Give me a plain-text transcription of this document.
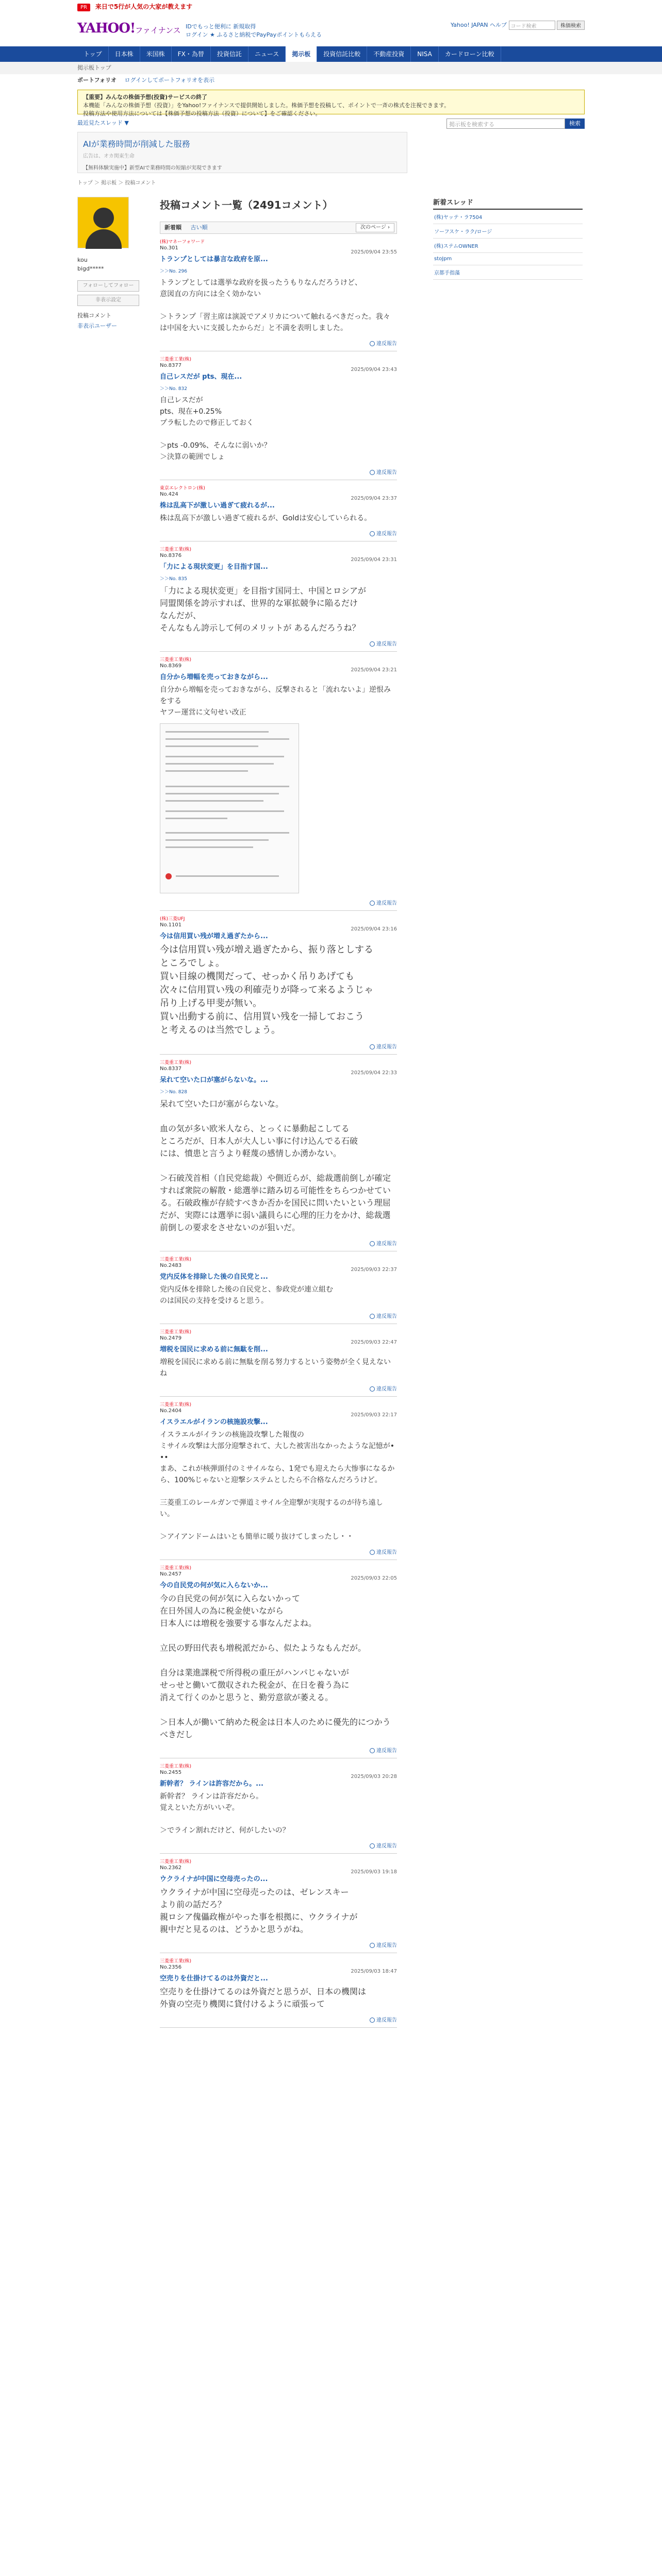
PR 来日で5行が人気の大家が教えます
YAHOO! ファイナンス IDでもっと便利に 新規取得
ログイン ★ ふるさと納税でPayPayポイントもらえる
Yahoo! JAPAN ヘルプ コード検索	株価検索
トップ	日本株	米国株	FX・為替	投資信託	ニュース	掲示板	投資信託比較	不動産投資	NISA	カードローン比較
掲示板トップ
ポートフォリオ ログインしてポートフォリオを表示
【重要】みんなの株価予想(投資)サービスの終了
本機能「みんなの株価予想（投資）」をYahoo!ファイナンスで提供開始しました。株価予想を投稿して、ポイントで一斉の株式を注視できます。
投稿方法や使用方法については【株価予想の投稿方法（投資）について】をご確認ください。
最近見たスレッド ▼	掲示板を検索する	検索
AIが業務時間が削減した服務
広告は、オカ関東生命
【無料体験実施中】新型AIで業務時間の短縮が実現できます
トップ ＞ 掲示板 ＞ 投稿コメント
kou
bigd*****
フォローしてフォロー
非表示設定
投稿コメント
非表示ユーザー
投稿コメント一覧（2491コメント）
新着順 古い順	次のページ ›
(株)マネーフォワード
No.301
2025/09/04 23:55
トランプとしては暴言な政府を原...
＞＞No. 296
トランプとしては選挙な政府を扱ったうもりなんだろうけど、
意図直の方向には全く効かない

＞トランプ「習主席は演説でアメリカについて触れるべきだった。我々は中国を大いに支援したからだ」と不満を表明しました。
違反報告
三菱重工業(株)
No.8377
2025/09/04 23:43
自己レスだが pts、現在...
＞＞No. 832
自己レスだが
pts、現在+0.25%
プラ転したので修正しておく

＞pts -0.09%、そんなに弱いか？
＞決算の範囲でしょ
違反報告
東京エレクトロン(株)
No.424
2025/09/04 23:37
株は乱高下が激しい過ぎて疲れるが...
株は乱高下が激しい過ぎて疲れるが、Goldは安心していられる。
違反報告
三菱重工業(株)
No.8376
2025/09/04 23:31
「力による現状変更」を目指す国...
＞＞No. 835
「力による現状変更」を目指す国同士、中国とロシアが
同盟関係を誇示すれば、世界的な軍拡競争に陥るだけ
なんだが、
そんなもん誇示して何のメリットが あるんだろうね？
違反報告
三菱重工業(株)
No.8369
2025/09/04 23:21
自分から増幅を売っておきながら...
自分から増幅を売っておきながら、反撃されると「流れないよ」逆恨みをする
ヤフー運営に文句せい改正
違反報告
(株)三菱UFJ
No.1101
2025/09/04 23:16
今は信用買い残が増え過ぎたから...
今は信用買い残が増え過ぎたから、振り落としする
ところでしょ。
買い目線の機関だって、せっかく吊りあげても
次々に信用買い残の利確売りが降って来るようじゃ
吊り上げる甲斐が無い。
買い出動する前に、信用買い残を一掃しておこう
と考えるのは当然でしょう。
違反報告
三菱重工業(株)
No.8337
2025/09/04 22:33
呆れて空いた口が塞がらないな。...
＞＞No. 828
呆れて空いた口が塞がらないな。

血の気が多い欧米人なら、とっくに暴動起こしてる
ところだが、日本人が大人しい事に付け込んでる石破
には、憤患と言うより軽蔑の感情しか湧かない。

＞石破茂首相（自民党総裁）や側近らが、総裁選前倒しが確定すれば衆院の解散・総選挙に踏み切る可能性をちらつかせている。石破政権が存続すべきか否かを国民に問いたいという理屈だが、実際には選挙に弱い議員らに心理的圧力をかけ、総裁選前倒しの要求をさせないのが狙いだ。
違反報告
三菱重工業(株)
No.2483
2025/09/03 22:37
党内反体を排除した後の自民党と...
党内反体を排除した後の自民党と、参政党が連立組む
のは国民の支持を受けると思う。
違反報告
三菱重工業(株)
No.2479
2025/09/03 22:47
増税を国民に求める前に無駄を削...
増税を国民に求める前に無駄を削る努力するという姿勢が全く見えないね
違反報告
三菱重工業(株)
No.2404
2025/09/03 22:17
イスラエルがイランの核施設攻撃...
イスラエルがイランの核施設攻撃した報復の
ミサイル攻撃は大部分迎撃されて、大した被害出なかったような記憶が•••
まあ、これが核弾頭付のミサイルなら、1発でも迎えたら大惨事になるから、100%じゃないと迎撃システムとしたら不合格なんだろうけど。

三菱重工のレールガンで弾道ミサイル全迎撃が実現するのが待ち遠しい。

＞アイアンドームはいとも簡単に暖り抜けてしまったし・・
違反報告
三菱重工業(株)
No.2457
2025/09/03 22:05
今の自民党の何が気に入らないか...
今の自民党の何が気に入らないかって
在日外国人の為に税金使いながら
日本人には増税を強要する事なんだよね。

立民の野田代表も増税派だから、似たようなもんだが。

自分は業進課税で所得税の重圧がハンパじゃないが
せっせと働いて徴収された税金が、在日を養う為に
消えて行くのかと思うと、勤労意欲が萎える。

＞日本人が働いて納めた税金は日本人のために優先的につかうべきだし
違反報告
三菱重工業(株)
No.2455
2025/09/03 20:28
新幹者？ ラインは許容だから。...
新幹者？ ラインは許容だから。
覚えといた方がいいぞ。

＞でライン割れだけど、何がしたいの？
違反報告
三菱重工業(株)
No.2362
2025/09/03 19:18
ウクライナが中国に空母売ったの...
ウクライナが中国に空母売ったのは、ゼレンスキー
より前の話だろ？
親ロシア傀儡政権がやった事を根拠に、ウクライナが
親中だと見るのは、どうかと思うがね。
違反報告
三菱重工業(株)
No.2356
2025/09/03 18:47
空売りを仕掛けてるのは外資だと...
空売りを仕掛けてるのは外資だと思うが、日本の機関は
外資の空売り機関に貸付けるように頑張って
違反報告
新着スレッド
(株)ヤッテ・ラ7504
ソーフスケ・ラク/ロージ
(株)ステムOWNER
stoJpm
京都手指藻
